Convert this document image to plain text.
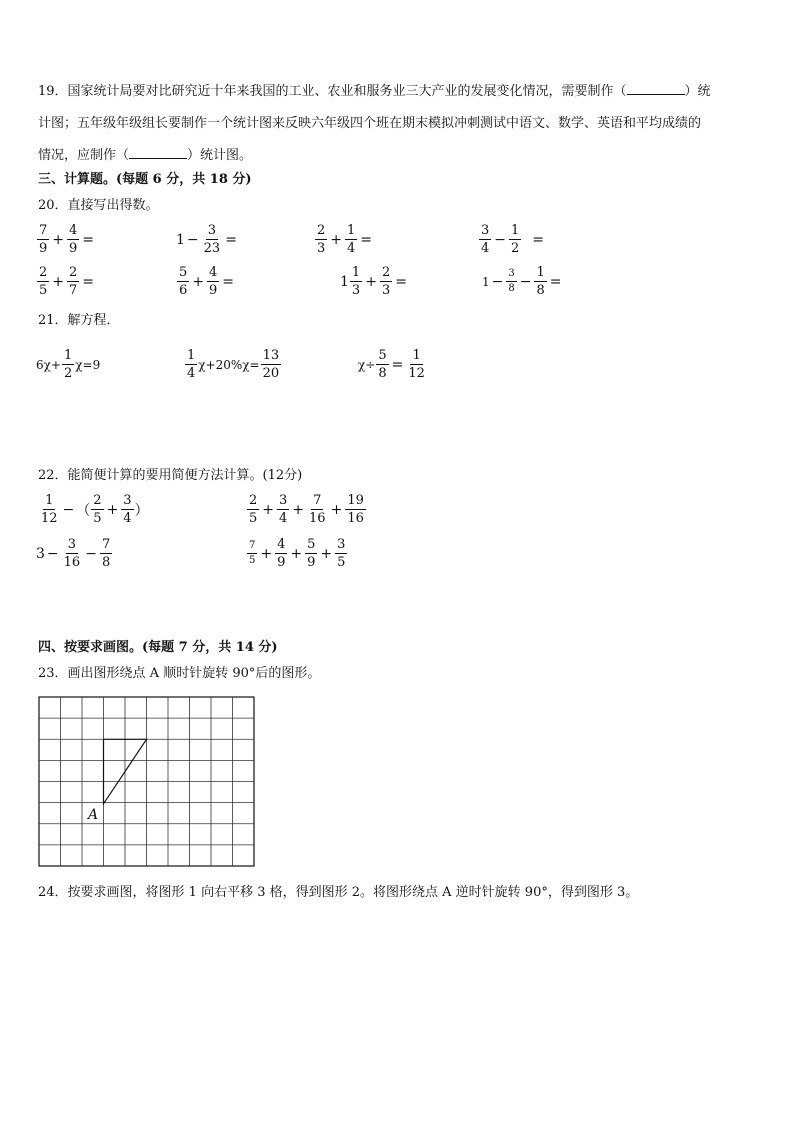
19．国家统计局要对比研究近十年来我国的工业、农业和服务业三大产业的发展变化情况，需要制作（	）统
计图；五年级年级组长要制作一个统计图来反映六年级四个班在期末模拟冲刺测试中语文、数学、英语和平均成绩的
情况，应制作（	）统计图。
三、计算题。(每题 6 分，共 18 分)
20．直接写出得数。
$\frac{7}{9} + \frac{4}{9}$ =	$1 - \frac{3}{23}$ =	$\frac{2}{3} + \frac{1}{4}$ =	$\frac{3}{4} - \frac{1}{2}$ =
$\frac{2}{5} + \frac{2}{7}$ =	$\frac{5}{6} + \frac{4}{9}$ =	$1 \frac{1}{3} + \frac{2}{3}$ =	$1 - \frac{3}{8} - \frac{1}{8}$ =
21．解方程．
$6\chi+ \frac{1}{2} \chi=9$	$\frac{1}{4} \chi+20\%\chi= \frac{13}{20}$	$\chi\div \frac{5}{8} = \frac{1}{12}$
22．能简便计算的要用简便方法计算。(12分)
$\frac{1}{12}$ − （ $\frac{2}{5} + \frac{3}{4}$ ）	$\frac{2}{5} + \frac{3}{4} + \frac{7}{16} + \frac{19}{16}$
$3 - \frac{3}{16} - \frac{7}{8}$	$\frac{7}{5} + \frac{4}{9} + \frac{5}{9} + \frac{3}{5}$
四、按要求画图。(每题 7 分，共 14 分)
23．画出图形绕点 A 顺时针旋转 90°后的图形。
A
24．按要求画图，将图形 1 向右平移 3 格，得到图形 2。将图形绕点 A 逆时针旋转 90°，得到图形 3。
